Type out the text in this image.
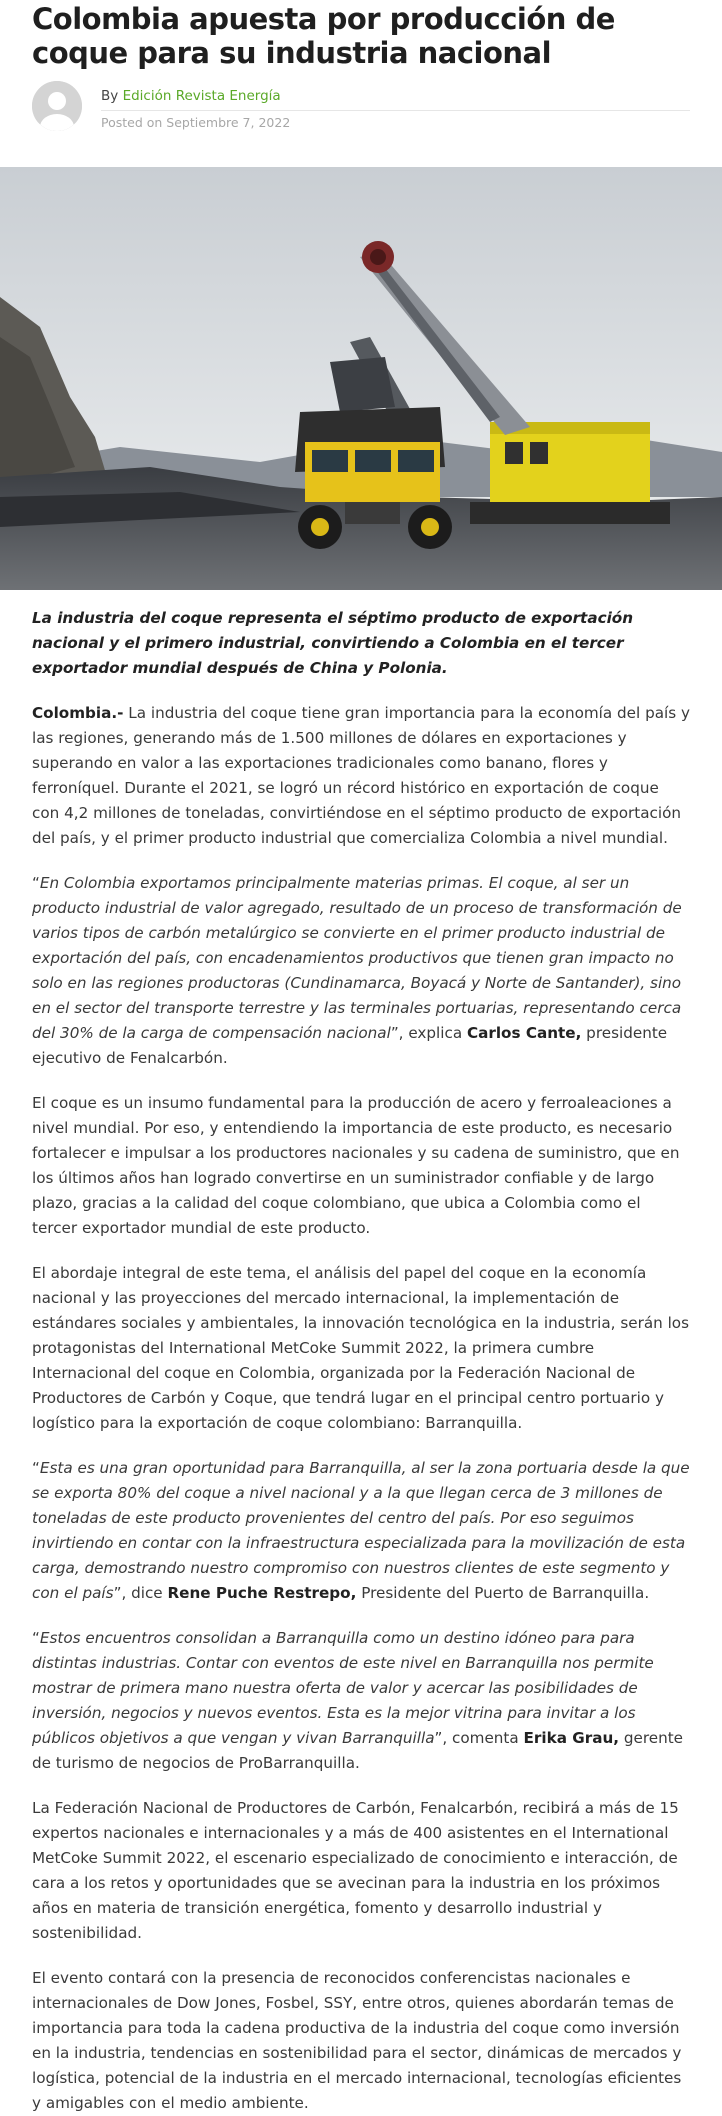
Colombia apuesta por producción de coque para su industria nacional
By Edición Revista Energía
Posted on Septiembre 7, 2022

La industria del coque representa el séptimo producto de exportación nacional y el primero industrial, convirtiendo a Colombia en el tercer exportador mundial después de China y Polonia.

Colombia.- La industria del coque tiene gran importancia para la economía del país y las regiones, generando más de 1.500 millones de dólares en exportaciones y superando en valor a las exportaciones tradicionales como banano, flores y ferroníquel. Durante el 2021, se logró un récord histórico en exportación de coque con 4,2 millones de toneladas, convirtiéndose en el séptimo producto de exportación del país, y el primer producto industrial que comercializa Colombia a nivel mundial.

“En Colombia exportamos principalmente materias primas. El coque, al ser un producto industrial de valor agregado, resultado de un proceso de transformación de varios tipos de carbón metalúrgico se convierte en el primer producto industrial de exportación del país, con encadenamientos productivos que tienen gran impacto no solo en las regiones productoras (Cundinamarca, Boyacá y Norte de Santander), sino en el sector del transporte terrestre y las terminales portuarias, representando cerca del 30% de la carga de compensación nacional”, explica Carlos Cante, presidente ejecutivo de Fenalcarbón.

El coque es un insumo fundamental para la producción de acero y ferroaleaciones a nivel mundial. Por eso, y entendiendo la importancia de este producto, es necesario fortalecer e impulsar a los productores nacionales y su cadena de suministro, que en los últimos años han logrado convertirse en un suministrador confiable y de largo plazo, gracias a la calidad del coque colombiano, que ubica a Colombia como el tercer exportador mundial de este producto.

El abordaje integral de este tema, el análisis del papel del coque en la economía nacional y las proyecciones del mercado internacional, la implementación de estándares sociales y ambientales, la innovación tecnológica en la industria, serán los protagonistas del International MetCoke Summit 2022, la primera cumbre Internacional del coque en Colombia, organizada por la Federación Nacional de Productores de Carbón y Coque, que tendrá lugar en el principal centro portuario y logístico para la exportación de coque colombiano: Barranquilla.

“Esta es una gran oportunidad para Barranquilla, al ser la zona portuaria desde la que se exporta 80% del coque a nivel nacional y a la que llegan cerca de 3 millones de toneladas de este producto provenientes del centro del país. Por eso seguimos invirtiendo en contar con la infraestructura especializada para la movilización de esta carga, demostrando nuestro compromiso con nuestros clientes de este segmento y con el país”, dice Rene Puche Restrepo, Presidente del Puerto de Barranquilla.

“Estos encuentros consolidan a Barranquilla como un destino idóneo para para distintas industrias. Contar con eventos de este nivel en Barranquilla nos permite mostrar de primera mano nuestra oferta de valor y acercar las posibilidades de inversión, negocios y nuevos eventos. Esta es la mejor vitrina para invitar a los públicos objetivos a que vengan y vivan Barranquilla”, comenta Erika Grau, gerente de turismo de negocios de ProBarranquilla.

La Federación Nacional de Productores de Carbón, Fenalcarbón, recibirá a más de 15 expertos nacionales e internacionales y a más de 400 asistentes en el International MetCoke Summit 2022, el escenario especializado de conocimiento e interacción, de cara a los retos y oportunidades que se avecinan para la industria en los próximos años en materia de transición energética, fomento y desarrollo industrial y sostenibilidad.

El evento contará con la presencia de reconocidos conferencistas nacionales e internacionales de Dow Jones, Fosbel, SSY, entre otros, quienes abordarán temas de importancia para toda la cadena productiva de la industria del coque como inversión en la industria, tendencias en sostenibilidad para el sector, dinámicas de mercados y logística, potencial de la industria en el mercado internacional, tecnologías eficientes y amigables con el medio ambiente.
